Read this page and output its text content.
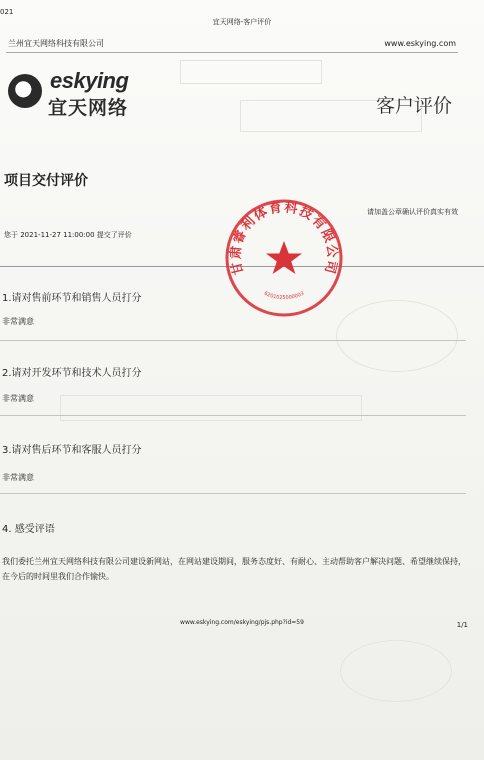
021
宜天网络-客户评价
兰州宜天网络科技有限公司	www.eskying.com
e eskying
宜天网络	客户评价
项目交付评价
请加盖公章确认评价真实有效
您于 2021-11-27 11:00:00 提交了评价
1.请对售前环节和销售人员打分
非常满意
2.请对开发环节和技术人员打分
非常满意
3.请对售后环节和客服人员打分
非常满意
4. 感受评语
我们委托兰州宜天网络科技有限公司建设新网站，在网站建设期间，服务态度好、有耐心、主动帮助客户解决问题、希望继续保持，在今后的时间里我们合作愉快。
www.eskying.com/eskying/pjs.php?id=59	1/1
甘肃睿利体育科技有限公司
6201025000003
